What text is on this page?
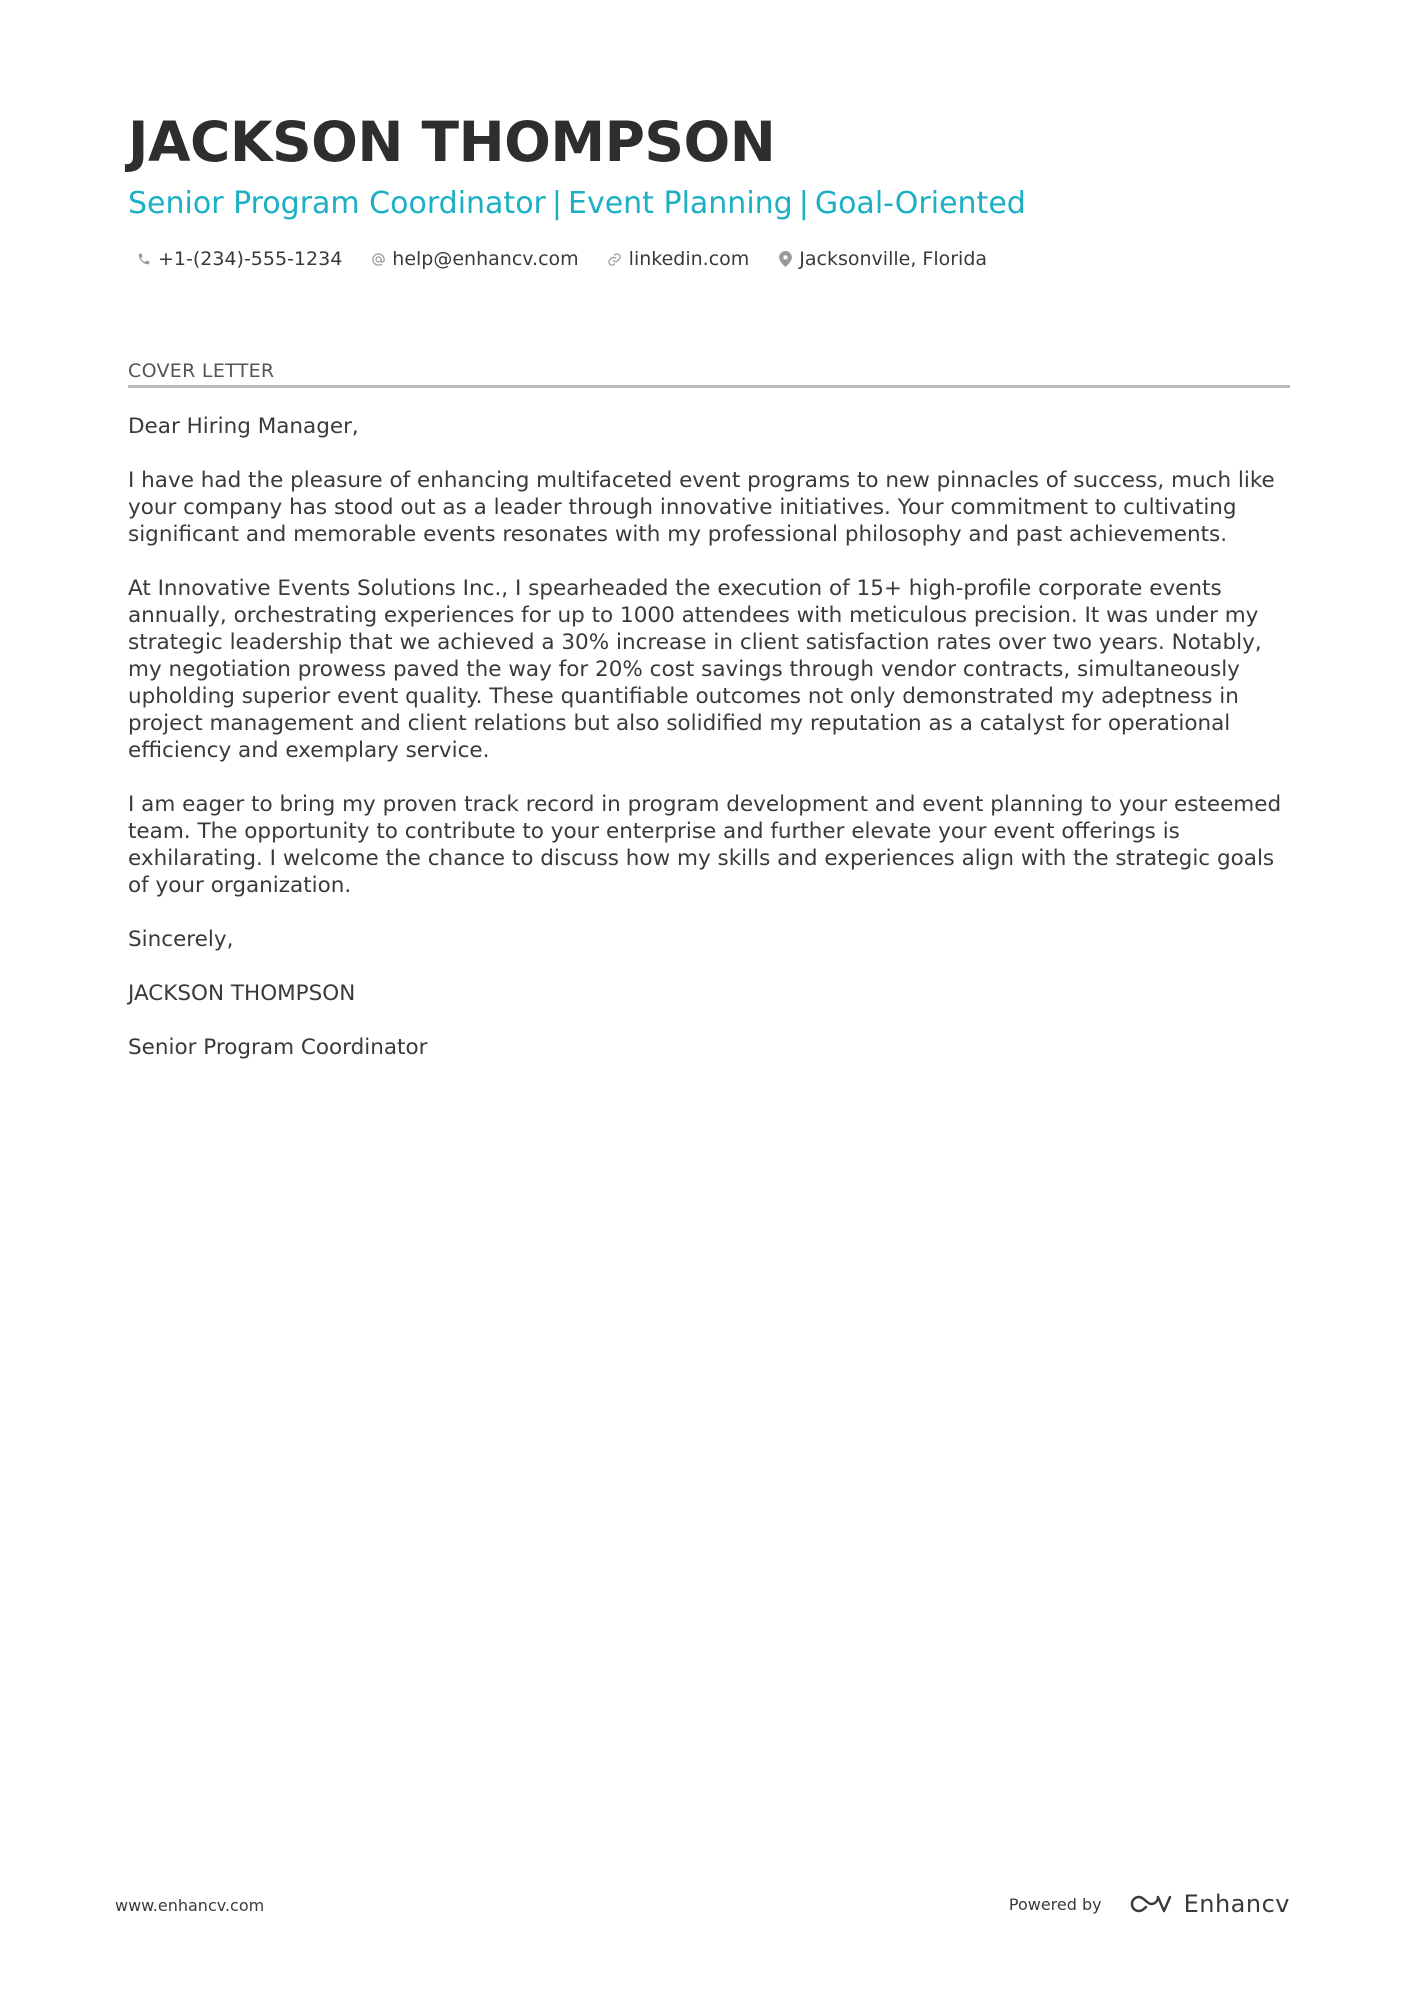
JACKSON THOMPSON
Senior Program Coordinator | Event Planning | Goal-Oriented
+1-(234)-555-1234	help@enhancv.com	linkedin.com	Jacksonville, Florida
COVER LETTER

Dear Hiring Manager,

I have had the pleasure of enhancing multifaceted event programs to new pinnacles of success, much like your company has stood out as a leader through innovative initiatives. Your commitment to cultivating significant and memorable events resonates with my professional philosophy and past achievements.

At Innovative Events Solutions Inc., I spearheaded the execution of 15+ high-profile corporate events annually, orchestrating experiences for up to 1000 attendees with meticulous precision. It was under my strategic leadership that we achieved a 30% increase in client satisfaction rates over two years. Notably, my negotiation prowess paved the way for 20% cost savings through vendor contracts, simultaneously upholding superior event quality. These quantifiable outcomes not only demonstrated my adeptness in project management and client relations but also solidified my reputation as a catalyst for operational efficiency and exemplary service.

I am eager to bring my proven track record in program development and event planning to your esteemed team. The opportunity to contribute to your enterprise and further elevate your event offerings is exhilarating. I welcome the chance to discuss how my skills and experiences align with the strategic goals of your organization.

Sincerely,

JACKSON THOMPSON

Senior Program Coordinator

www.enhancv.com	Powered by	Enhancv
